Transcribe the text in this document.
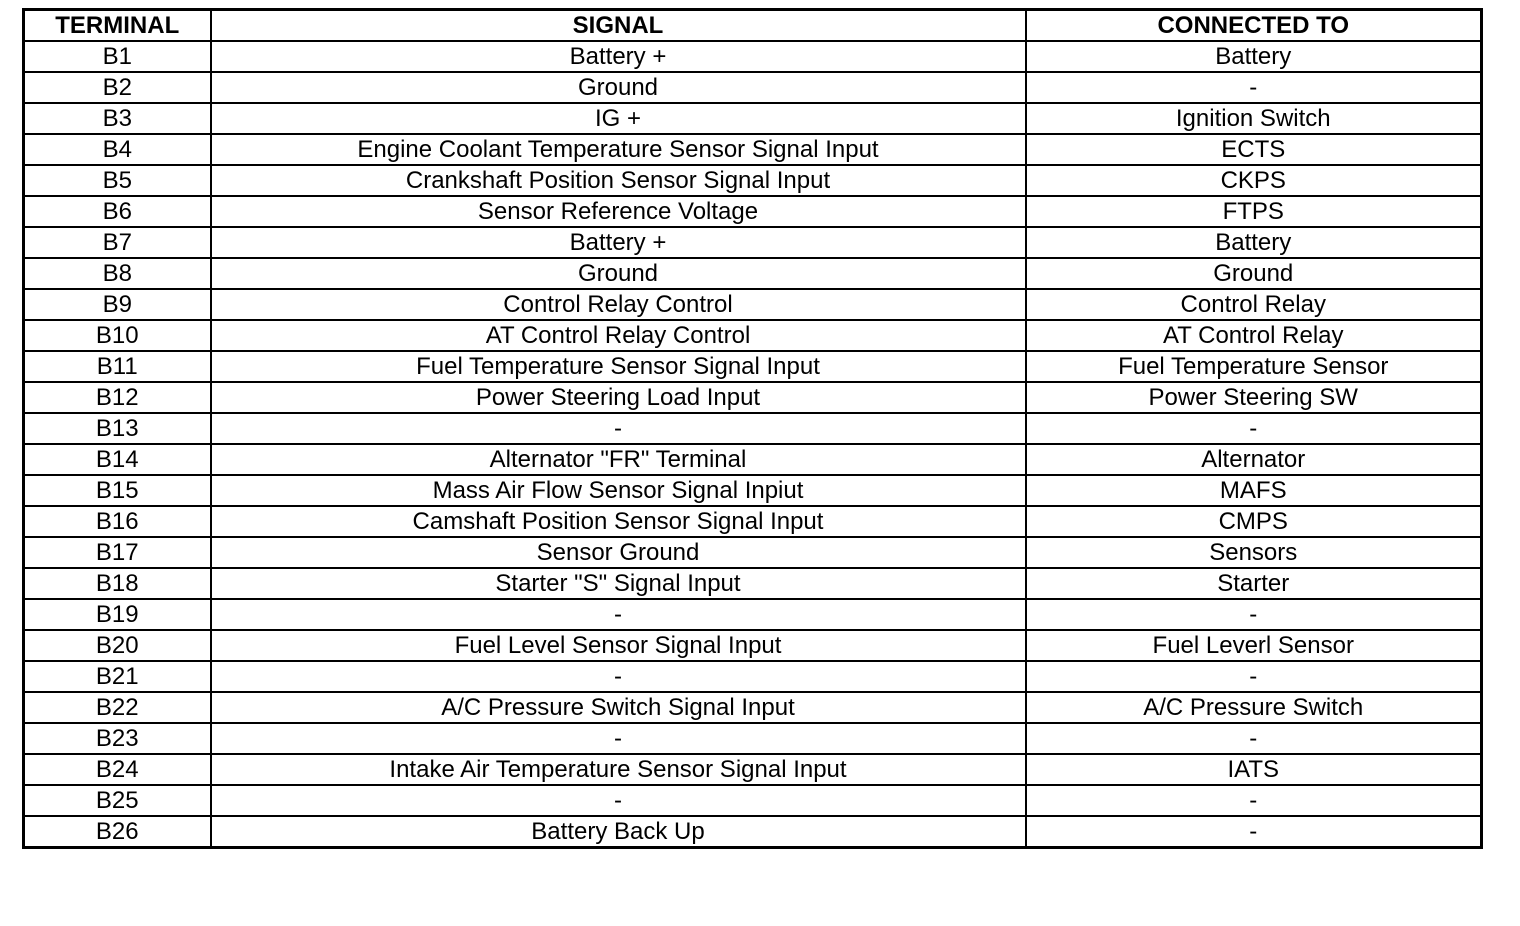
TERMINAL	SIGNAL	CONNECTED TO
B1	Battery +	Battery
B2	Ground	-
B3	IG +	Ignition Switch
B4	Engine Coolant Temperature Sensor Signal Input	ECTS
B5	Crankshaft Position Sensor Signal Input	CKPS
B6	Sensor Reference Voltage	FTPS
B7	Battery +	Battery
B8	Ground	Ground
B9	Control Relay Control	Control Relay
B10	AT Control Relay Control	AT Control Relay
B11	Fuel Temperature Sensor Signal Input	Fuel Temperature Sensor
B12	Power Steering Load Input	Power Steering SW
B13	-	-
B14	Alternator "FR" Terminal	Alternator
B15	Mass Air Flow Sensor Signal Inpiut	MAFS
B16	Camshaft Position Sensor Signal Input	CMPS
B17	Sensor Ground	Sensors
B18	Starter "S" Signal Input	Starter
B19	-	-
B20	Fuel Level Sensor Signal Input	Fuel Leverl Sensor
B21	-	-
B22	A/C Pressure Switch Signal Input	A/C Pressure Switch
B23	-	-
B24	Intake Air Temperature Sensor Signal Input	IATS
B25	-	-
B26	Battery Back Up	-
